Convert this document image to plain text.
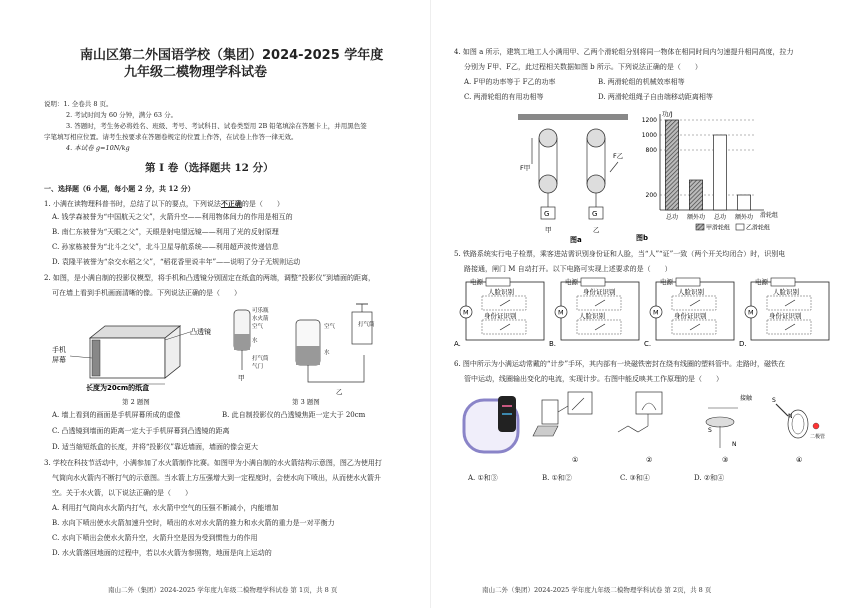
南山区第二外国语学校（集团）2024-2025 学年度
九年级二模物理学科试卷
说明：1. 全卷共 8 页。
2. 考试时间为 60 分钟，满分 63 分。
3. 答题时，考生务必将姓名、班级、考号、考试科目、试卷类型用 2B 铅笔填涂在答题卡上，并用黑色签
字笔填写相应位置。请考生按要求在答题卷规定的位置上作答，在试卷上作答一律无效。
4. 本试卷 g=10N/kg
第 Ⅰ 卷（选择题共 12 分）
一、选择题（6 小题，每小题 2 分，共 12 分）
1. 小满在读物理科普书时，总结了以下的要点，下列说法不正确的是（　　）
A. 钱学森被誉为“中国航天之父”，火箭升空——利用物体间力的作用是相互的
B. 南仁东被誉为“天眼之父”，天眼是射电望远镜——利用了光的反射原理
C. 孙家栋被誉为“北斗之父”，北斗卫星导航系统——利用超声波传递信息
D. 袁隆平被誉为“杂交水稻之父”，“稻花香里说丰年”——说明了分子无规则运动
2. 如图，是小满自制的投影仪模型，将手机和凸透镜分别固定在纸盒的两端，调整“投影仪”到墙面的距离，
可在墙上看到手机画面清晰的像。下列说法正确的是（　　）
手机
屏幕
凸透镜
长度为20cm的纸盒
第 2 题图
可乐瓶
水火箭
空气
水
打气筒
气门
甲
空气
水
打气筒
乙
第 3 题图
A. 墙上看到的画面是手机屏幕所成的虚像	B. 此自制投影仪的凸透镜焦距一定大于 20cm
C. 凸透镜到墙面的距离一定大于手机屏幕到凸透镜的距离
D. 适当缩短纸盒的长度，并将“投影仪”靠近墙面，墙面的像会更大
3. 学校在科技节活动中，小满参加了水火箭制作比赛。如图甲为小满自制的水火箭结构示意图，图乙为使用打
气筒向水火箭内不断打气的示意图。当水箭上方压强增大到一定程度时，会使水向下喷出，从而使水火箭升
空。关于水火箭，以下说法正确的是（　　）
A. 利用打气筒向水火箭内打气，水火箭中空气的压强不断减小，内能增加
B. 水向下喷出使水火箭加速升空时，喷出的水对水火箭的推力和水火箭的重力是一对平衡力
C. 水向下喷出会使水火箭升空，火箭升空是因为受到惯性力的作用
D. 水火箭落回地面的过程中，若以水火箭为参照物，地面是向上运动的
南山二外（集团）2024-2025 学年度九年级二模物理学科试卷 第 1页，共 8 页
4. 如图 a 所示，建筑工地工人小满用甲、乙两个滑轮组分别将同一物体在相同时间内匀速提升相同高度，拉力
分别为 F甲、F乙，此过程相关数据如图 b 所示。下列说法正确的是（　　）
A. F甲的功率等于 F乙的功率	B. 两滑轮组的机械效率相等
C. 两滑轮组的有用功相等	D. 两滑轮组绳子自由端移动距离相等
G
F甲
甲
G
F乙
乙
图a
功/J
滑轮组
200
800
1000
1200
总功 额外功 总功 额外功
甲滑轮组	乙滑轮组
图b
5. 铁路系统实行电子检票，乘客进站需识别身份证和人脸，当“人”“证”一致（两个开关均闭合）时，识别电
路接通，闸门 M 自动打开。以下电路可实现上述要求的是（　　）
电源
M
人脸识别
身份证识别
A.
电源
M
身份证识别
人脸识别
B.
电源
M
人脸识别
身份证识别
C.
电源
M
人脸识别
身份证识别
D.
6. 图中所示为小满运动常戴的“计步”手环，其内部有一块磁铁密封在绕有线圈的塑料管中。走路时，磁铁在
管中运动，线圈输出变化的电流，实现计步。右图中能反映其工作原理的是（　　）
①	②
N
S
③
接触	S
N
二极管
④
A. ①和③	B. ①和②	C. ③和④	D. ②和④
南山二外（集团）2024-2025 学年度九年级二模物理学科试卷 第 2页，共 8 页
